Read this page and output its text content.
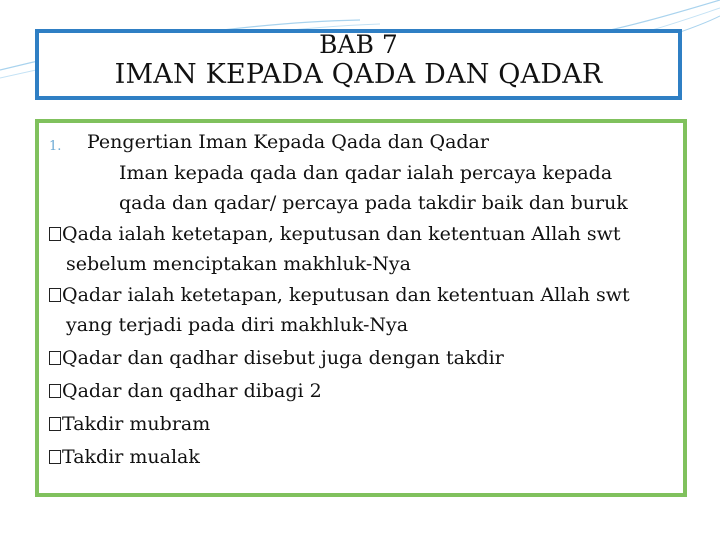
BAB 7
IMAN KEPADA QADA DAN QADAR
1. Pengertian Iman Kepada Qada dan Qadar
Iman kepada qada dan qadar ialah percaya kepada
qada dan qadar/ percaya pada takdir baik dan buruk
Qada ialah ketetapan, keputusan dan ketentuan Allah swt
sebelum menciptakan makhluk-Nya
Qadar ialah ketetapan, keputusan dan ketentuan Allah swt
yang terjadi pada diri makhluk-Nya
Qadar dan qadhar disebut juga dengan takdir
Qadar dan qadhar dibagi 2
Takdir mubram
Takdir mualak
